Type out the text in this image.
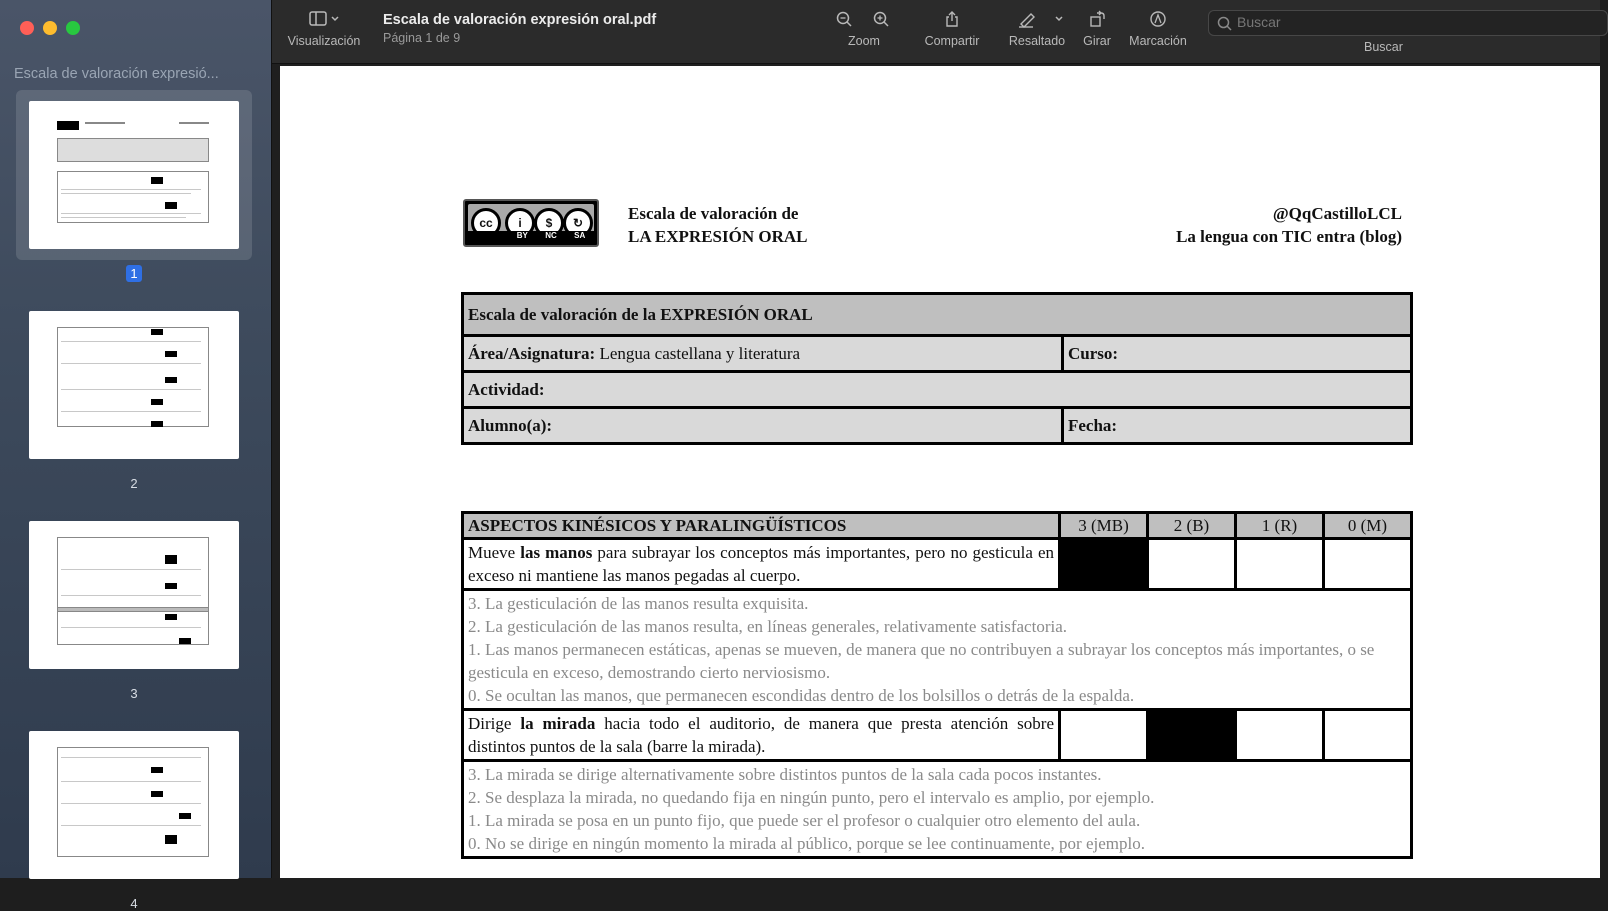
Escala de valoración expresió...
1
2
3
4
Visualización
Escala de valoración expresión oral.pdf
Página 1 de 9	Zoom	Compartir	Resaltado	Girar	Marcación
Buscar	Buscar
cc	i	$	↻
BY NC SA
Escala de valoración de
LA EXPRESIÓN ORAL
@QqCastilloLCL
La lengua con TIC entra (blog)
Escala de valoración de la EXPRESIÓN ORAL	
Área/Asignatura: Lengua castellana y literatura	Curso:
Actividad:	
Alumno(a):	Fecha:
ASPECTOS KINÉSICOS Y PARALINGÜÍSTICOS	3 (MB)	2 (B)	1 (R)	0 (M)
Mueve las manos para subrayar los conceptos más importantes, pero no gesticula en exceso ni mantiene las manos pegadas al cuerpo.				

3. La gesticulación de las manos resulta exquisita.
2. La gesticulación de las manos resulta, en líneas generales, relativamente satisfactoria.
1. Las manos permanecen estáticas, apenas se mueven, de manera que no contribuyen a subrayar los conceptos más importantes, o se gesticula en exceso, demostrando cierto nerviosismo.
0. Se ocultan las manos, que permanecen escondidas dentro de los bolsillos o detrás de la espalda.				

Dirige la mirada hacia todo el auditorio, de manera que presta atención sobre distintos puntos de la sala (barre la mirada).				

3. La mirada se dirige alternativamente sobre distintos puntos de la sala cada pocos instantes.
2. Se desplaza la mirada, no quedando fija en ningún punto, pero el intervalo es amplio, por ejemplo.
1. La mirada se posa en un punto fijo, que puede ser el profesor o cualquier otro elemento del aula.
0. No se dirige en ningún momento la mirada al público, porque se lee continuamente, por ejemplo.				
